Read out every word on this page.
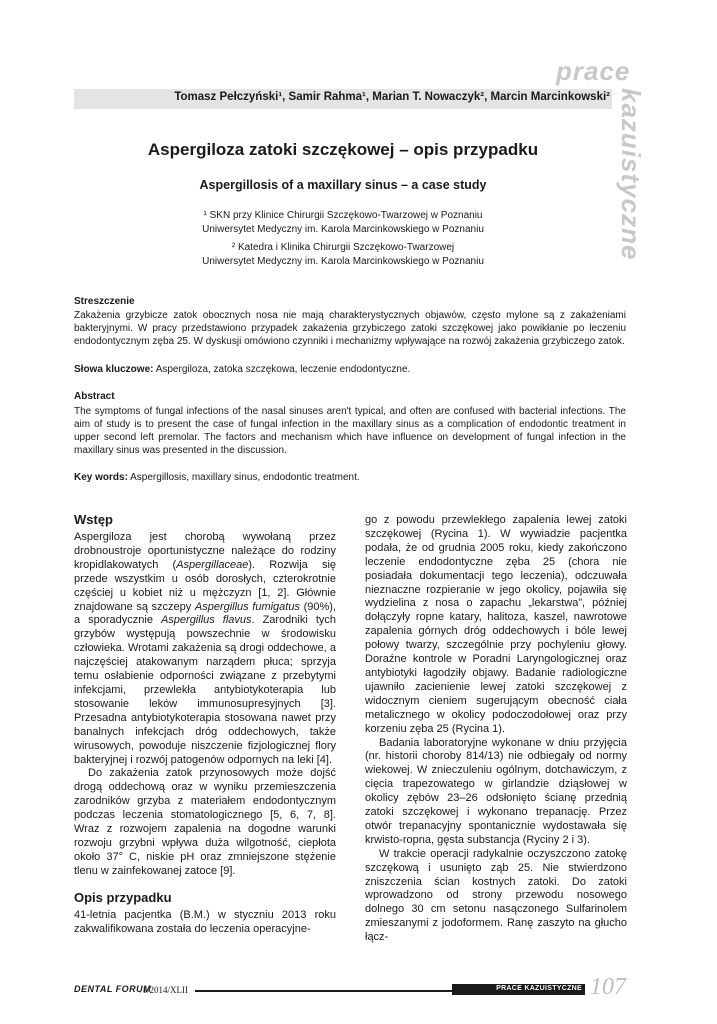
prace
kazuistyczne
Tomasz Pełczyński¹, Samir Rahma¹, Marian T. Nowaczyk², Marcin Marcinkowski²
Aspergiloza zatoki szczękowej – opis przypadku
Aspergillosis of a maxillary sinus – a case study
¹ SKN przy Klinice Chirurgii Szczękowo-Twarzowej w Poznaniu
Uniwersytet Medyczny im. Karola Marcinkowskiego w Poznaniu
² Katedra i Klinika Chirurgii Szczękowo-Twarzowej
Uniwersytet Medyczny im. Karola Marcinkowskiego w Poznaniu
Streszczenie

Zakażenia grzybicze zatok obocznych nosa nie mają charakterystycznych objawów, często mylone są z zakażeniami bakteryjnymi. W pracy przedstawiono przypadek zakażenia grzybiczego zatoki szczękowej jako powikłanie po leczeniu endodontycznym zęba 25. W dyskusji omówiono czynniki i mechanizmy wpływające na rozwój zakażenia grzybiczego zatok.

Słowa kluczowe: Aspergiloza, zatoka szczękowa, leczenie endodontyczne.

Abstract

The symptoms of fungal infections of the nasal sinuses aren't typical, and often are confused with bacterial infections. The aim of study is to present the case of fungal infection in the maxillary sinus as a complication of endodontic treatment in upper second left premolar. The factors and mechanism which have influence on development of fungal infection in the maxillary sinus was presented in the discussion.

Key words: Aspergillosis, maxillary sinus, endodontic treatment.

Wstęp

Aspergiloza jest chorobą wywołaną przez drobnoustroje oportunistyczne należące do rodziny kropidlakowatych (Aspergillaceae). Rozwija się przede wszystkim u osób dorosłych, czterokrotnie częściej u kobiet niż u mężczyzn [1, 2]. Głównie znajdowane są szczepy Aspergillus fumigatus (90%), a sporadycznie Aspergillus flavus. Zarodniki tych grzybów występują powszechnie w środowisku człowieka. Wrotami zakażenia są drogi oddechowe, a najczęściej atakowanym narządem płuca; sprzyja temu osłabienie odporności związane z przebytymi infekcjami, przewlekła antybiotykoterapia lub stosowanie leków immunosupresyjnych [3]. Przesadna antybiotykoterapia stosowana nawet przy banalnych infekcjach dróg oddechowych, także wirusowych, powoduje niszczenie fizjologicznej flory bakteryjnej i rozwój patogenów odpornych na leki [4].

Do zakażenia zatok przynosowych może dojść drogą oddechową oraz w wyniku przemieszczenia zarodników grzyba z materiałem endodontycznym podczas leczenia stomatologicznego [5, 6, 7, 8]. Wraz z rozwojem zapalenia na dogodne warunki rozwoju grzybni wpływa duża wilgotność, ciepłota około 37° C, niskie pH oraz zmniejszone stężenie tlenu w zainfekowanej zatoce [9].

Opis przypadku

41-letnia pacjentka (B.M.) w styczniu 2013 roku zakwalifikowana została do leczenia operacyjne-

go z powodu przewlekłego zapalenia lewej zatoki szczękowej (Rycina 1). W wywiadzie pacjentka podała, że od grudnia 2005 roku, kiedy zakończono leczenie endodontyczne zęba 25 (chora nie posiadała dokumentacji tego leczenia), odczuwała nieznaczne rozpieranie w jego okolicy, pojawiła się wydzielina z nosa o zapachu „lekarstwa”, później dołączyły ropne katary, halitoza, kaszel, nawrotowe zapalenia górnych dróg oddechowych i bóle lewej połowy twarzy, szczególnie przy pochyleniu głowy. Doraźne kontrole w Poradni Laryngologicznej oraz antybiotyki łagodziły objawy. Badanie radiologiczne ujawniło zacienienie lewej zatoki szczękowej z widocznym cieniem sugerującym obecność ciała metalicznego w okolicy podoczodołowej oraz przy korzeniu zęba 25 (Rycina 1).

Badania laboratoryjne wykonane w dniu przyjęcia (nr. historii choroby 814/13) nie odbiegały od normy wiekowej. W znieczuleniu ogólnym, dotchawiczym, z cięcia trapezowatego w girlandzie dziąsłowej w okolicy zębów 23–26 odsłonięto ścianę przednią zatoki szczękowej i wykonano trepanację. Przez otwór trepanacyjny spontanicznie wydostawała się krwisto-ropna, gęsta substancja (Ryciny 2 i 3).

W trakcie operacji radykalnie oczyszczono zatokę szczękową i usunięto ząb 25. Nie stwierdzono zniszczenia ścian kostnych zatoki. Do zatoki wprowadzono od strony przewodu nosowego dolnego 30 cm setonu nasączonego Sulfarinolem zmieszanymi z jodoformem. Ranę zaszyto na głucho łącz-

PRACE KAZUISTYCZNE
DENTAL FORUM
/1/2014/XLII	107
